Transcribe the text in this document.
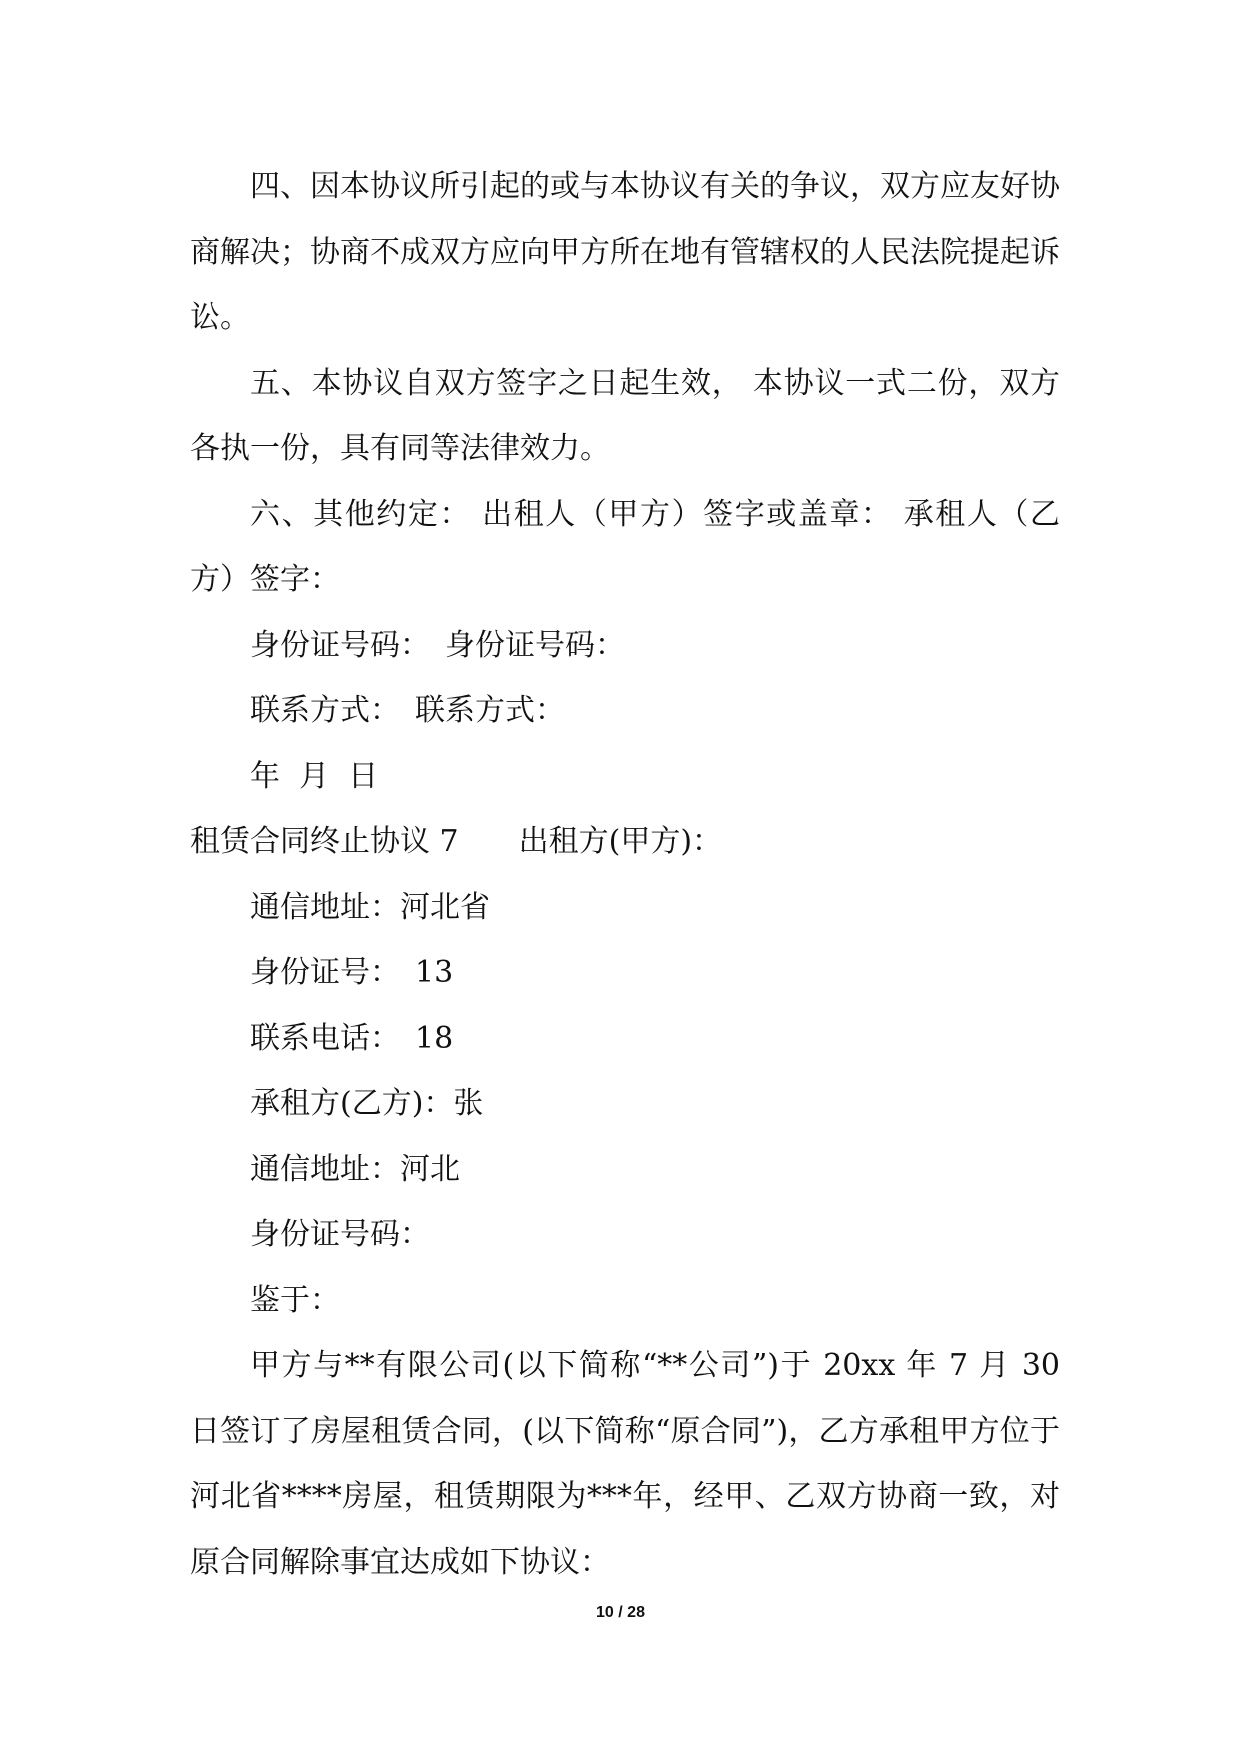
四、因本协议所引起的或与本协议有关的争议，双方应友好协商解决；协商不成双方应向甲方所在地有管辖权的人民法院提起诉讼。

五、本协议自双方签字之日起生效， 本协议一式二份，双方各执一份，具有同等法律效力。

六、其他约定： 出租人（甲方）签字或盖章： 承租人（乙方）签字：

身份证号码： 身份证号码：

联系方式： 联系方式：

年  月  日

租赁合同终止协议 7 出租方(甲方)：

通信地址：河北省

身份证号： 13

联系电话： 18

承租方(乙方)：张

通信地址：河北

身份证号码：

鉴于：

甲方与**有限公司(以下简称“**公司”)于 20xx 年 7 月 30 日签订了房屋租赁合同，(以下简称“原合同”)，乙方承租甲方位于河北省****房屋，租赁期限为***年，经甲、乙双方协商一致，对原合同解除事宜达成如下协议：

10 / 28
